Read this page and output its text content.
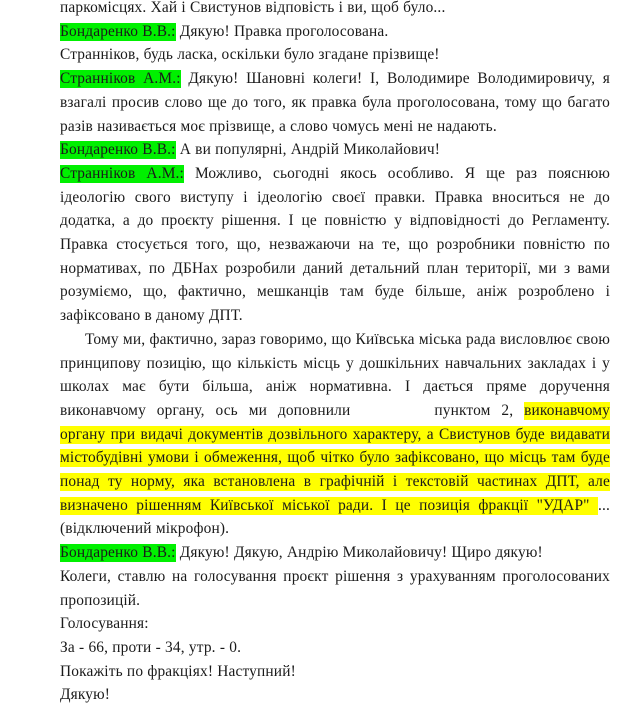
паркомісцях. Хай і Свистунов відповість і ви, щоб було...

Бондаренко В.В.: Дякую! Правка проголосована.

Странніков, будь ласка, оскільки було згадане прізвище!

Странніков А.М.: Дякую! Шановні колеги! І, Володимире Володимировичу, я взагалі просив слово ще до того, як правка була проголосована, тому що багато разів називається моє прізвище, а слово чомусь мені не надають.

Бондаренко В.В.: А ви популярні, Андрій Миколайович!

Странніков А.М.: Можливо, сьогодні якось особливо. Я ще раз пояснюю ідеологію свого виступу і ідеологію своєї правки. Правка вноситься не до додатка, а до проєкту рішення. І це повністю у відповідності до Регламенту. Правка стосується того, що, незважаючи на те, що розробники повністю по нормативах, по ДБНах розробили даний детальний план території, ми з вами розуміємо, що, фактично, мешканців там буде більше, аніж розроблено і зафіксовано в даному ДПТ.

Тому ми, фактично, зараз говоримо, що Київська міська рада висловлює свою принципову позицію, що кількість місць у дошкільних навчальних закладах і у школах має бути більша, аніж нормативна. І дається пряме доручення виконавчому органу, ось ми доповнили	пунктом 2, виконавчому органу при видачі документів дозвільного характеру, а Свистунов буде видавати містобудівні умови і обмеження, щоб чітко було зафіксовано, що місць там буде понад ту норму, яка встановлена в графічній і текстовій частинах ДПТ, але визначено рішенням Київської міської ради. І це позиція фракції "УДАР" ...(відключений мікрофон).

Бондаренко В.В.: Дякую! Дякую, Андрію Миколайовичу! Щиро дякую!

Колеги, ставлю на голосування проєкт рішення з урахуванням проголосованих пропозицій.

Голосування:

За - 66, проти - 34, утр. - 0.

Покажіть по фракціях! Наступний!

Дякую!
